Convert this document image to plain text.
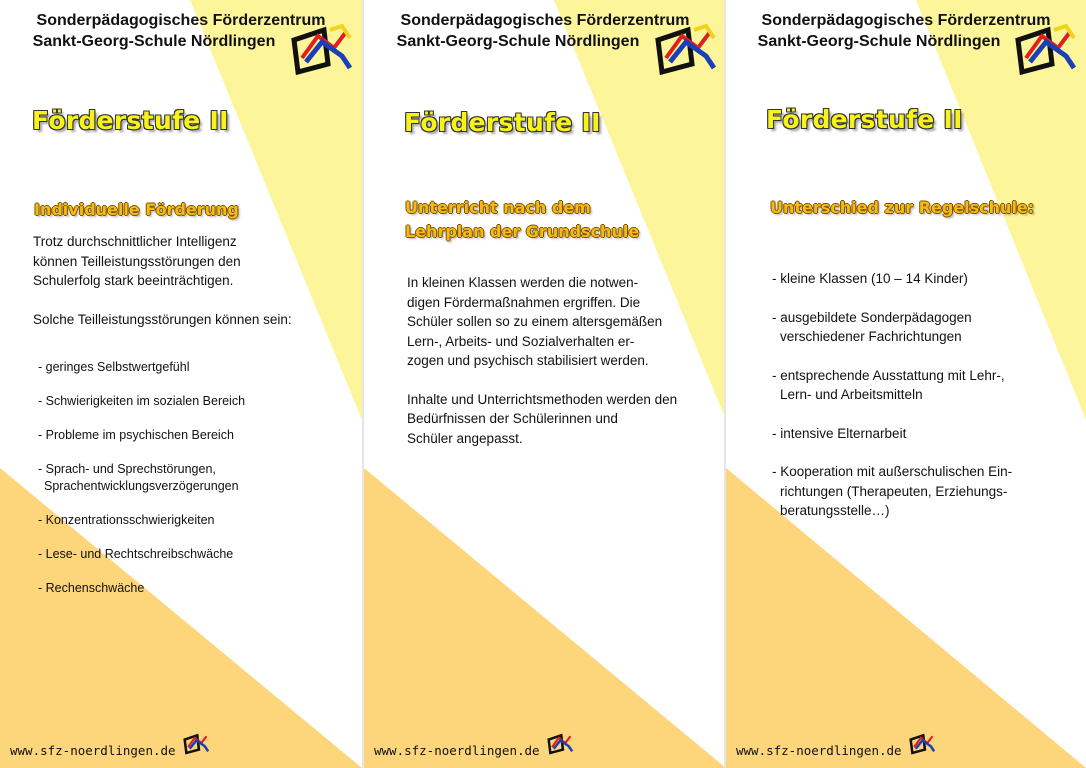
Sonderpädagogisches Förderzentrum
Sankt-Georg-Schule Nördlingen
Förderstufe II
Individuelle Förderung
Trotz durchschnittlicher Intelligenz
können Teilleistungsstörungen den
Schulerfolg stark beeinträchtigen.
Solche Teilleistungsstörungen können sein:
- geringes Selbstwertgefühl
- Schwierigkeiten im sozialen Bereich
- Probleme im psychischen Bereich
- Sprach- und Sprechstörungen,
Sprachentwicklungsverzögerungen
- Konzentrationsschwierigkeiten
- Lese- und Rechtschreibschwäche
- Rechenschwäche
www.sfz-noerdlingen.de
Sonderpädagogisches Förderzentrum
Sankt-Georg-Schule Nördlingen
Förderstufe II
Unterricht nach dem
Lehrplan der Grundschule
In kleinen Klassen werden die notwen-
digen Fördermaßnahmen ergriffen. Die
Schüler sollen so zu einem altersgemäßen
Lern-, Arbeits- und Sozialverhalten er-
zogen und psychisch stabilisiert werden.
Inhalte und Unterrichtsmethoden werden den
Bedürfnissen der Schülerinnen und
Schüler angepasst.
www.sfz-noerdlingen.de
Sonderpädagogisches Förderzentrum
Sankt-Georg-Schule Nördlingen
Förderstufe II
Unterschied zur Regelschule:
- kleine Klassen (10 – 14 Kinder)
- ausgebildete Sonderpädagogen
verschiedener Fachrichtungen
- entsprechende Ausstattung mit Lehr-,
Lern- und Arbeitsmitteln
- intensive Elternarbeit
- Kooperation mit außerschulischen Ein-
richtungen (Therapeuten, Erziehungs-
beratungsstelle…)
www.sfz-noerdlingen.de
